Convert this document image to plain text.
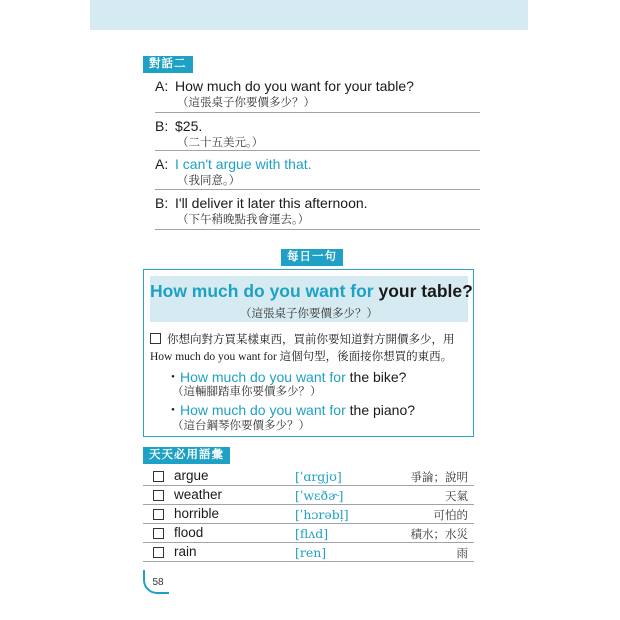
對話二
A: How much do you want for your table?
（這張桌子你要價多少？）
B: $25.
（二十五美元。）
A: I can't argue with that.
（我同意。）
B: I'll deliver it later this afternoon.
（下午稍晚點我會運去。）
每日一句
How much do you want for your table?
（這張桌子你要價多少？）
你想向對方買某樣東西，買前你要知道對方開價多少，用 How much do you want for 這個句型，後面接你想買的東西。
・How much do you want for the bike?
（這輛腳踏車你要價多少？）
・How much do you want for the piano?
（這台鋼琴你要價多少？）
天天必用語彙
argue	[ˈɑrgjʊ]	爭論；說明
weather	[ˈwɛðɚ]	天氣
horrible	[ˈhɔrəbḷ]	可怕的
flood	[flʌd]	積水；水災
rain	[ren]	雨
58
